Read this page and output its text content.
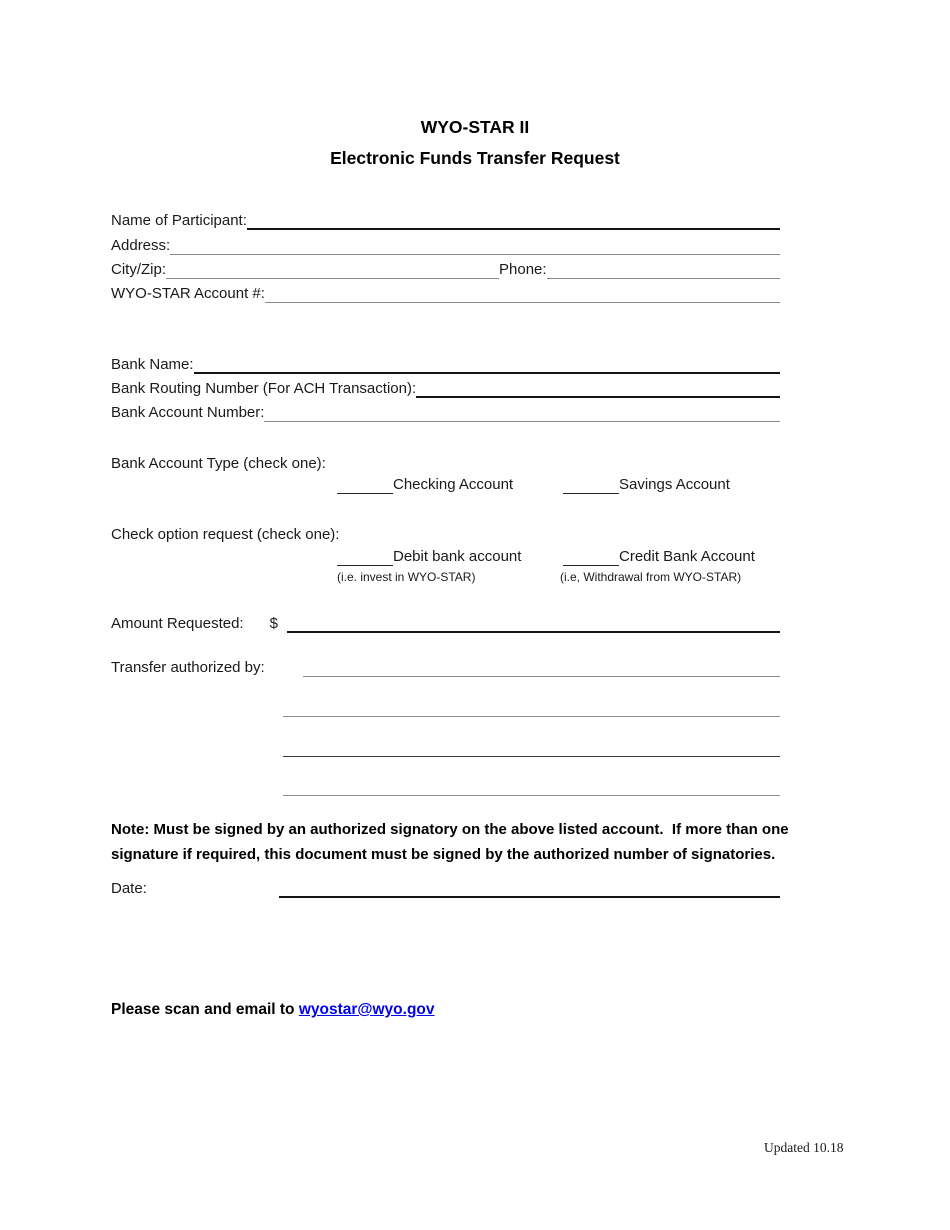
WYO-STAR II
Electronic Funds Transfer Request
Name of Participant:
Address:
City/Zip:	Phone:
WYO-STAR Account #:
Bank Name:
Bank Routing Number (For ACH Transaction):
Bank Account Number:
Bank Account Type (check one):
Checking Account	Savings Account
Check option request (check one):
Debit bank account	Credit Bank Account
(i.e. invest in WYO-STAR)	(i.e, Withdrawal from WYO-STAR)
Amount Requested: $
Transfer authorized by:
Note: Must be signed by an authorized signatory on the above listed account.  If more than one signature if required, this document must be signed by the authorized number of signatories.
Date:
Please scan and email to wyostar@wyo.gov
Updated 10.18
